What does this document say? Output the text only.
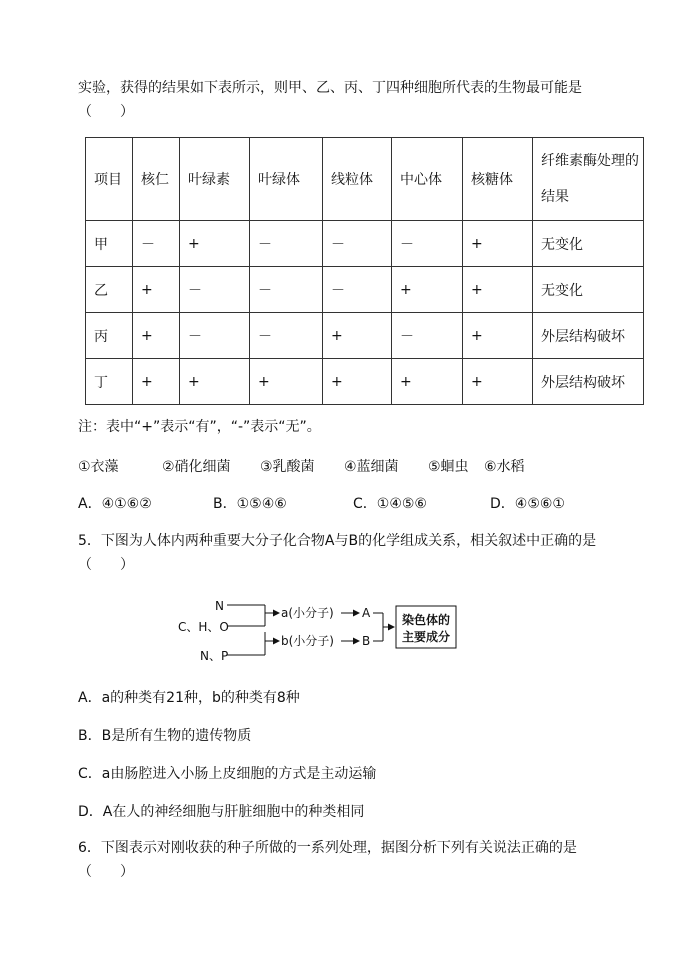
实验，获得的结果如下表所示，则甲、乙、丙、丁四种细胞所代表的生物最可能是
（　　）
项目	核仁	叶绿素	叶绿体	线粒体	中心体	核糖体	纤维素酶处理的结果

甲	－	+	－	－	－	+	无变化
乙	+	－	－	－	+	+	无变化
丙	+	－	－	+	－	+	外层结构破坏
丁	+	+	+	+	+	+	外层结构破坏
注：表中“+”表示“有”，“-”表示“无”。
①衣藻	②硝化细菌 ③乳酸菌 ④蓝细菌 ⑤蛔虫 ⑥水稻
A．④①⑥②	B．①⑤④⑥	C．①④⑤⑥	D．④⑤⑥①
5．下图为人体内两种重要大分子化合物A与B的化学组成关系，相关叙述中正确的是
（　　）
N
C、H、O
N、P
a(小分子)
b(小分子)
A
B
染色体的
主要成分
A．a的种类有21种，b的种类有8种
B．B是所有生物的遗传物质
C．a由肠腔进入小肠上皮细胞的方式是主动运输
D．A在人的神经细胞与肝脏细胞中的种类相同
6．下图表示对刚收获的种子所做的一系列处理，据图分析下列有关说法正确的是
（　　）
